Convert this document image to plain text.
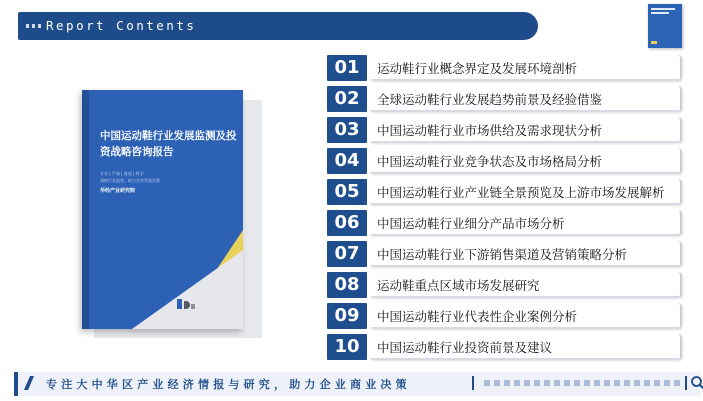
Report Contents
中国运动鞋行业发展监测及投资战略咨询报告
专业 | 严谨 | 客观 | 科学
洞察行业趋势，助力企业发展决策
华经产业研究院
01	运动鞋行业概念界定及发展环境剖析
02	全球运动鞋行业发展趋势前景及经验借鉴
03	中国运动鞋行业市场供给及需求现状分析
04	中国运动鞋行业竞争状态及市场格局分析
05	中国运动鞋行业产业链全景预览及上游市场发展解析
06	中国运动鞋行业细分产品市场分析
07	中国运动鞋行业下游销售渠道及营销策略分析
08	运动鞋重点区域市场发展研究
09	中国运动鞋行业代表性企业案例分析
10	中国运动鞋行业投资前景及建议
专注大中华区产业经济情报与研究，助力企业商业决策
